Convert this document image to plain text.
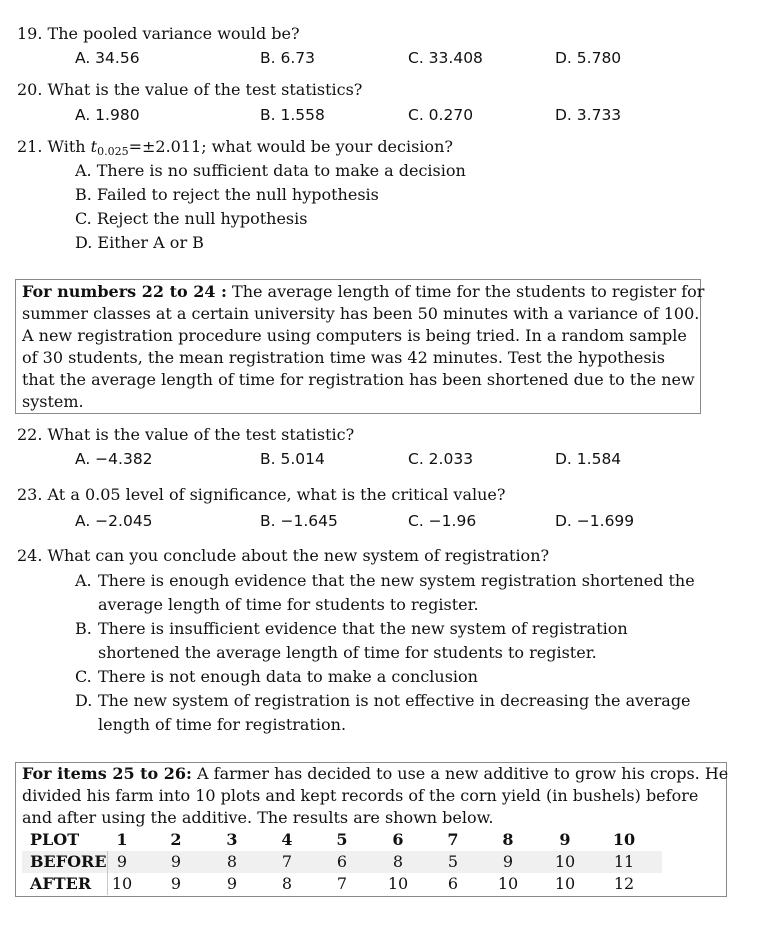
19. The pooled variance would be?
A. 34.56	B. 6.73	C. 33.408	D. 5.780
20. What is the value of the test statistics?
A. 1.980	B. 1.558	C. 0.270	D. 3.733
21. With $t_{0.025}=\pm 2.011$; what would be your decision?
A. There is no sufficient data to make a decision
B. Failed to reject the null hypothesis
C. Reject the null hypothesis
D. Either A or B
For numbers 22 to 24 : The average length of time for the students to register for
summer classes at a certain university has been 50 minutes with a variance of 100.
A new registration procedure using computers is being tried. In a random sample
of 30 students, the mean registration time was 42 minutes. Test the hypothesis
that the average length of time for registration has been shortened due to the new
system.
22. What is the value of the test statistic?
A. −4.382	B. 5.014	C. 2.033	D. 1.584
23. At a 0.05 level of significance, what is the critical value?
A. −2.045	B. −1.645	C. −1.96	D. −1.699
24. What can you conclude about the new system of registration?
A. There is enough evidence that the new system registration shortened the
average length of time for students to register.
B. There is insufficient evidence that the new system of registration
shortened the average length of time for students to register.
C. There is not enough data to make a conclusion
D. The new system of registration is not effective in decreasing the average
length of time for registration.
For items 25 to 26: A farmer has decided to use a new additive to grow his crops. He
divided his farm into 10 plots and kept records of the corn yield (in bushels) before
and after using the additive. The results are shown below.
PLOT	1	2	3	4	5	6	7	8	9	10
BEFORE 9	9	8	7	6	8	5	9	10	11
AFTER	10	9	9	8	7	10	6	10	10	12
